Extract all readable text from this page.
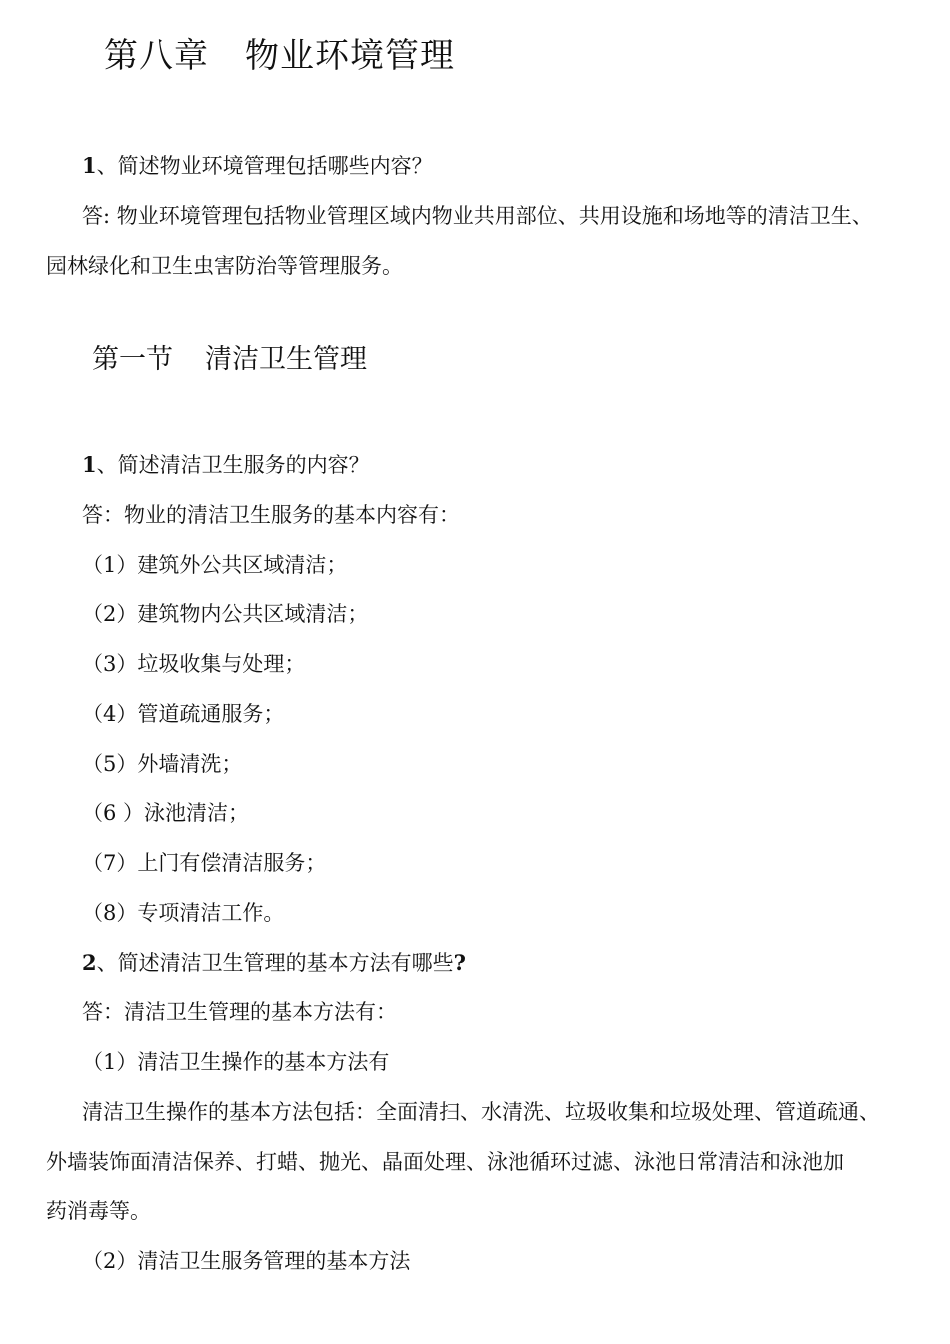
第八章 物业环境管理
1、简述物业环境管理包括哪些内容？
答: 物业环境管理包括物业管理区域内物业共用部位、共用设施和场地等的清洁卫生、
园林绿化和卫生虫害防治等管理服务。
第一节 清洁卫生管理
1、简述清洁卫生服务的内容？
答：物业的清洁卫生服务的基本内容有：
（1）建筑外公共区域清洁；
（2）建筑物内公共区域清洁；
（3）垃圾收集与处理；
（4）管道疏通服务；
（5）外墙清洗；
（6 ）泳池清洁；
（7）上门有偿清洁服务；
（8）专项清洁工作。
2、简述清洁卫生管理的基本方法有哪些?
答：清洁卫生管理的基本方法有：
（1）清洁卫生操作的基本方法有
清洁卫生操作的基本方法包括：全面清扫、水清洗、垃圾收集和垃圾处理、管道疏通、
外墙装饰面清洁保养、打蜡、抛光、晶面处理、泳池循环过滤、泳池日常清洁和泳池加
药消毒等。
（2）清洁卫生服务管理的基本方法
